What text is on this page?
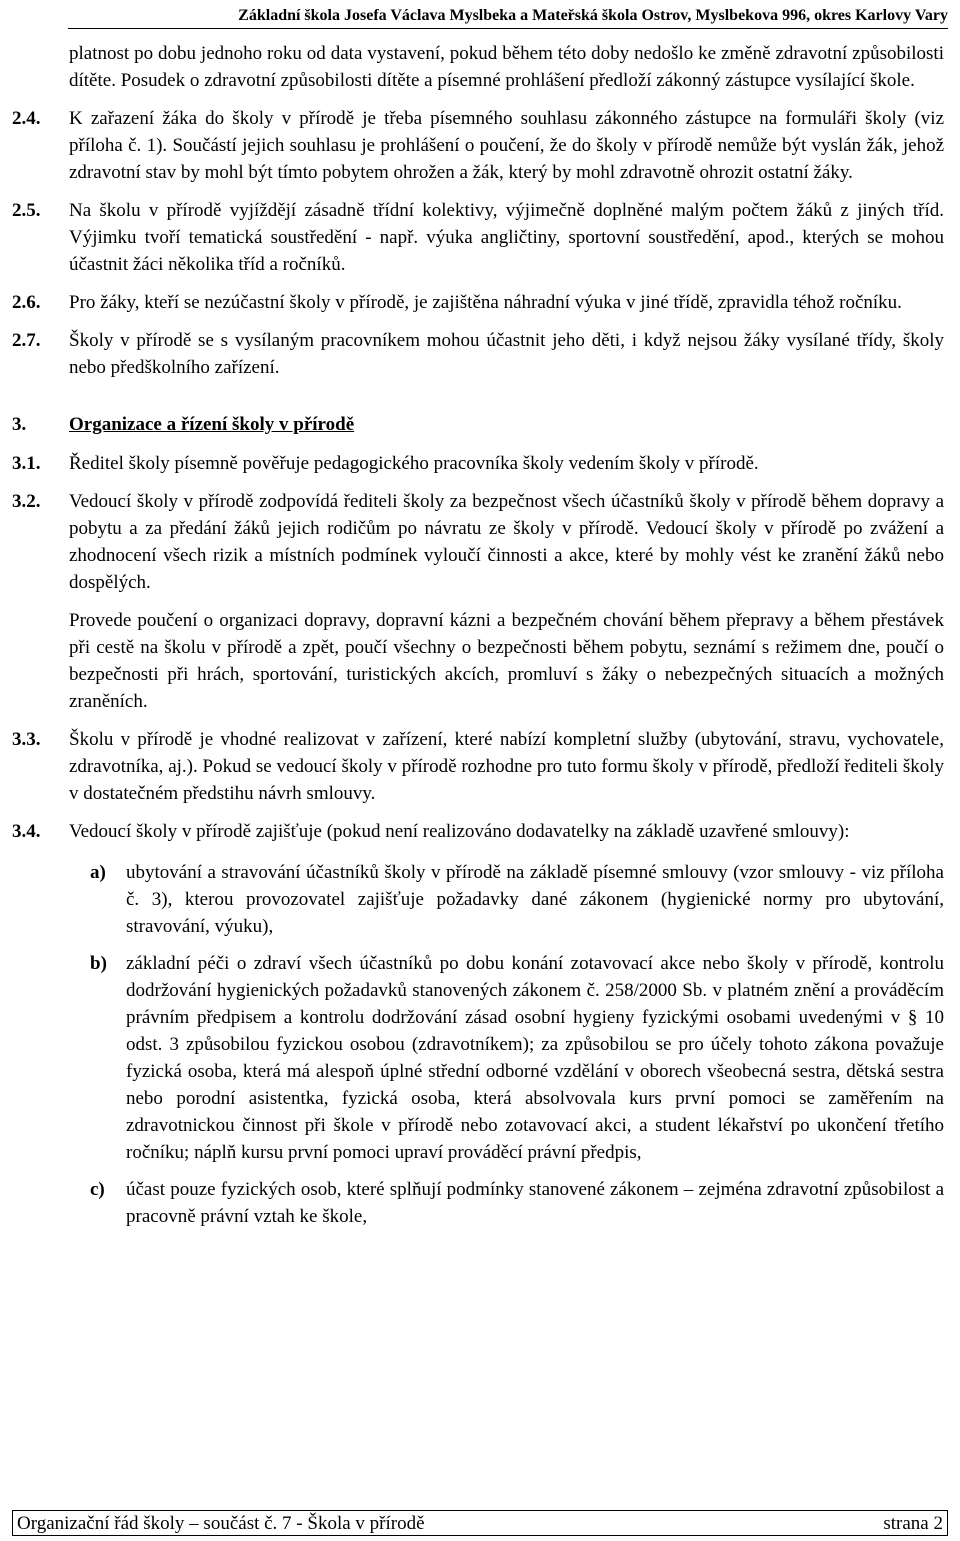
Základní škola Josefa Václava Myslbeka a Mateřská škola Ostrov, Myslbekova 996, okres Karlovy Vary
platnost po dobu jednoho roku od data vystavení, pokud během této doby nedošlo ke změně zdravotní způsobilosti dítěte. Posudek o zdravotní způsobilosti dítěte a písemné prohlášení předloží zákonný zástupce vysílající škole.
2.4.	K zařazení žáka do školy v přírodě je třeba písemného souhlasu zákonného zástupce na formuláři školy (viz příloha č. 1). Součástí jejich souhlasu je prohlášení o poučení, že do školy v přírodě nemůže být vyslán žák, jehož zdravotní stav by mohl být tímto pobytem ohrožen a žák, který by mohl zdravotně ohrozit ostatní žáky.
2.5.	Na školu v přírodě vyjíždějí zásadně třídní kolektivy, výjimečně doplněné malým počtem žáků z jiných tříd. Výjimku tvoří tematická soustředění - např. výuka angličtiny, sportovní soustředění, apod., kterých se mohou účastnit žáci několika tříd a ročníků.
2.6.	Pro žáky, kteří se nezúčastní školy v přírodě, je zajištěna náhradní výuka v jiné třídě, zpravidla téhož ročníku.
2.7.	Školy v přírodě se s vysílaným pracovníkem mohou účastnit jeho děti, i když nejsou žáky vysílané třídy, školy nebo předškolního zařízení.
3.	Organizace a řízení školy v přírodě
3.1.	Ředitel školy písemně pověřuje pedagogického pracovníka školy vedením školy v přírodě.
3.2.	Vedoucí školy v přírodě zodpovídá řediteli školy za bezpečnost všech účastníků školy v přírodě během dopravy a pobytu a za předání žáků jejich rodičům po návratu ze školy v přírodě. Vedoucí školy v přírodě po zvážení a zhodnocení všech rizik a místních podmínek vyloučí činnosti a akce, které by mohly vést ke zranění žáků nebo dospělých.
Provede poučení o organizaci dopravy, dopravní kázni a bezpečném chování během přepravy a během přestávek při cestě na školu v přírodě a zpět, poučí všechny o bezpečnosti během pobytu, seznámí s režimem dne, poučí o bezpečnosti při hrách, sportování, turistických akcích, promluví s žáky o nebezpečných situacích a možných zraněních.
3.3.	Školu v přírodě je vhodné realizovat v zařízení, které nabízí kompletní služby (ubytování, stravu, vychovatele, zdravotníka, aj.). Pokud se vedoucí školy v přírodě rozhodne pro tuto formu školy v přírodě, předloží řediteli školy v dostatečném předstihu návrh smlouvy.
3.4.	Vedoucí školy v přírodě zajišťuje (pokud není realizováno dodavatelky na základě uzavřené smlouvy):
a)	ubytování a stravování účastníků školy v přírodě na základě písemné smlouvy (vzor smlouvy - viz příloha č. 3), kterou provozovatel zajišťuje požadavky dané zákonem (hygienické normy pro ubytování, stravování, výuku),
b)	základní péči o zdraví všech účastníků po dobu konání zotavovací akce nebo školy v přírodě, kontrolu dodržování hygienických požadavků stanovených zákonem č. 258/2000 Sb. v platném znění a prováděcím právním předpisem a kontrolu dodržování zásad osobní hygieny fyzickými osobami uvedenými v § 10 odst. 3 způsobilou fyzickou osobou (zdravotníkem); za způsobilou se pro účely tohoto zákona považuje fyzická osoba, která má alespoň úplné střední odborné vzdělání v oborech všeobecná sestra, dětská sestra nebo porodní asistentka, fyzická osoba, která absolvovala kurs první pomoci se zaměřením na zdravotnickou činnost při škole v přírodě nebo zotavovací akci, a student lékařství po ukončení třetího ročníku; náplň kursu první pomoci upraví prováděcí právní předpis,
c)	účast pouze fyzických osob, které splňují podmínky stanovené zákonem – zejména zdravotní způsobilost a pracovně právní vztah ke škole,
Organizační řád školy – součást č. 7 - Škola v přírodě	strana 2
